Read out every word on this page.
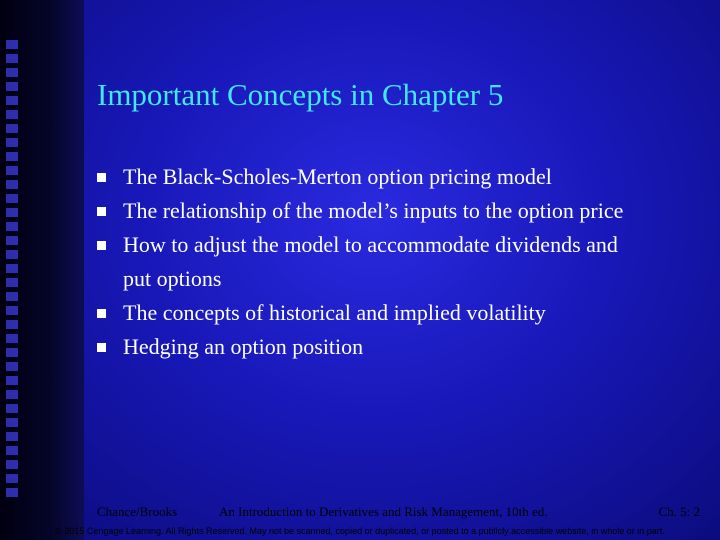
Important Concepts in Chapter 5
The Black-Scholes-Merton option pricing model
The relationship of the model’s inputs to the option price
How to adjust the model to accommodate dividends and
put options
The concepts of historical and implied volatility
Hedging an option position
Chance/Brooks	An Introduction to Derivatives and Risk Management, 10th ed.	Ch. 5: 2
© 2015 Cengage Learning. All Rights Reserved. May not be scanned, copied or duplicated, or posted to a publicly accessible website, in whole or in part.
